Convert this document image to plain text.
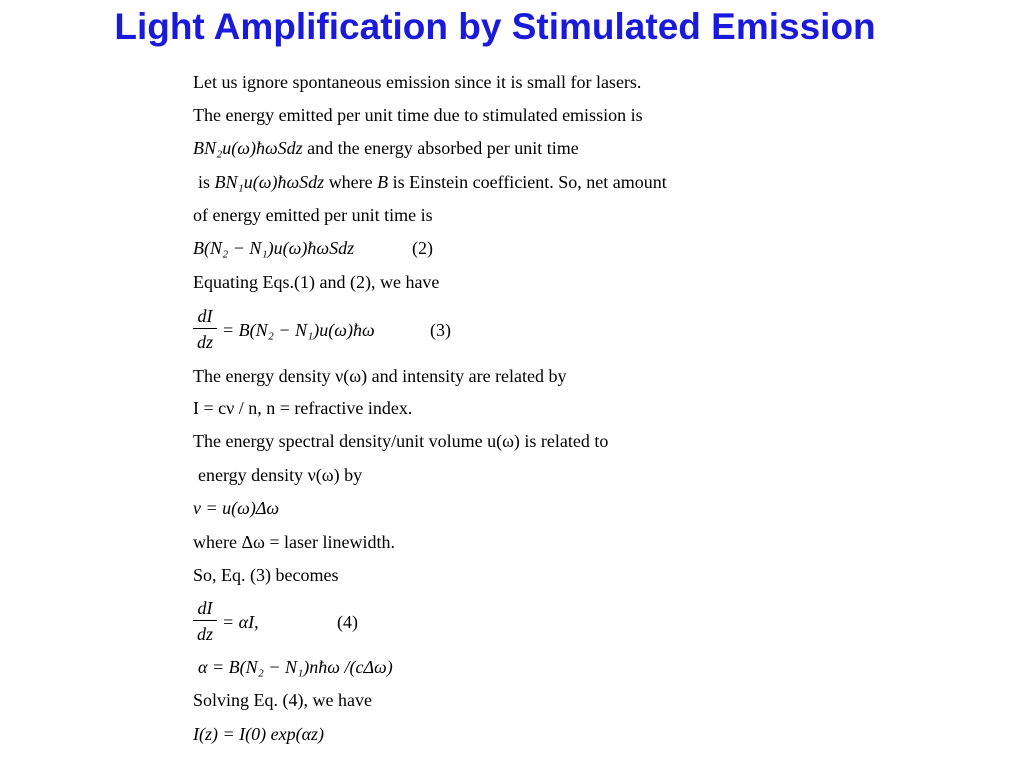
Light Amplification by Stimulated Emission
Let us ignore spontaneous emission since it is small for lasers.
The energy emitted per unit time due to stimulated emission is
BN₂u(ω)ħωSdz and the energy absorbed per unit time
is BN₁u(ω)ħωSdz where B is Einstein coefficient. So, net amount
of energy emitted per unit time is
B(N₂ − N₁)u(ω)ħωSdz	(2)
Equating Eqs.(1) and (2), we have
$\frac{dI}{dz} = B(N_2$ − N₁)u(ω)ħω	(3)
The energy density ν(ω) and intensity are related by
I = cν / n, n = refractive index.
The energy spectral density/unit volume u(ω) is related to
energy density ν(ω) by
v = u(ω)Δω
where Δω = laser linewidth.
So, Eq. (3) becomes
$\frac{dI}{dz} = \alpha I$,	(4)
α = B(N₂ − N₁)nħω /(cΔω)
Solving Eq. (4), we have
I(z) = I(0) exp(αz)
